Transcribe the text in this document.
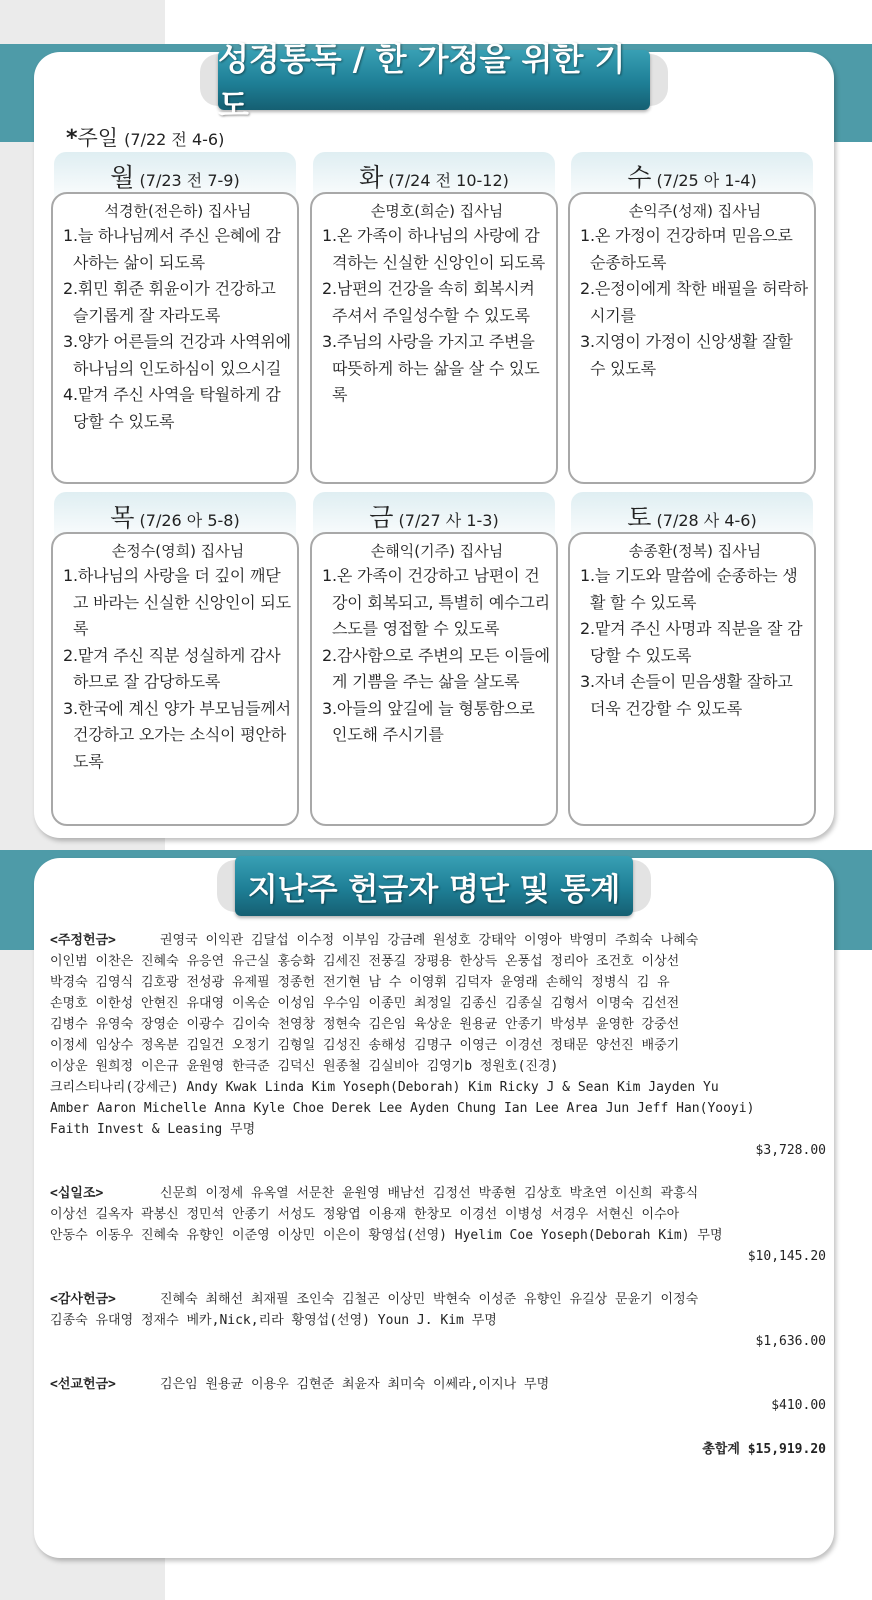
성경통독 / 한 가정을 위한 기도
*주일 (7/22 전 4-6)
월 (7/23 전 7-9)
석경한(전은하) 집사님
1.늘 하나님께서 주신 은혜에 감사하는 삶이 되도록
2.휘민 휘준 휘윤이가 건강하고 슬기롭게 잘 자라도록
3.양가 어른들의 건강과 사역위에 하나님의 인도하심이 있으시길
4.맡겨 주신 사역을 탁월하게 감당할 수 있도록
화 (7/24 전 10-12)
손명호(희순) 집사님
1.온 가족이 하나님의 사랑에 감격하는 신실한 신앙인이 되도록
2.남편의 건강을 속히 회복시켜 주셔서 주일성수할 수 있도록
3.주님의 사랑을 가지고 주변을 따뜻하게 하는 삶을 살 수 있도록
수 (7/25 아 1-4)
손익주(성재) 집사님
1.온 가정이 건강하며 믿음으로 순종하도록
2.은정이에게 착한 배필을 허락하시기를
3.지영이 가정이 신앙생활 잘할 수 있도록
목 (7/26 아 5-8)
손정수(영희) 집사님
1.하나님의 사랑을 더 깊이 깨닫고 바라는 신실한 신앙인이 되도록
2.맡겨 주신 직분 성실하게 감사하므로 잘 감당하도록
3.한국에 계신 양가 부모님들께서 건강하고 오가는 소식이 평안하도록
금 (7/27 사 1-3)
손해익(기주) 집사님
1.온 가족이 건강하고 남편이 건강이 회복되고, 특별히 예수그리스도를 영접할 수 있도록
2.감사함으로 주변의 모든 이들에게 기쁨을 주는 삶을 살도록
3.아들의 앞길에 늘 형통함으로 인도해 주시기를
토 (7/28 사 4-6)
송종환(정복) 집사님
1.늘 기도와 말씀에 순종하는 생활 할 수 있도록
2.맡겨 주신 사명과 직분을 잘 감당할 수 있도록
3.자녀 손들이 믿음생활 잘하고 더욱 건강할 수 있도록
지난주 헌금자 명단 및 통계
<주정헌금>	권영국 이익관 김달섭 이수정 이부임 강금례 원성호 강태악 이영아 박영미 주희숙 나혜숙
이인범 이찬은 진혜숙 유응연 유근실 홍승화 김세진 전풍길 장평용 한상득 온풍섭 정리아 조건호 이상선
박경숙 김영식 김호광 전성광 유제필 정종헌 전기현 남 수 이영휘 김덕자 윤영래 손해익 정병식 김 유
손명호 이한성 안현진 유대영 이옥순 이성임 우수임 이종민 최정일 김종신 김종실 김형서 이명숙 김선전
김병수 유영숙 장영순 이광수 김이숙 천영창 정현숙 김은임 육상운 원용균 안종기 박성부 윤영한 강중선
이정세 임상수 정옥분 김일건 오정기 김형일 김성진 송해성 김명구 이영근 이경선 정태문 양선진 배중기
이상운 원희정 이은규 윤원영 한극준 김덕신 원종철 김실비아 김영기b 정원호(진경)
크리스티나리(강세근) Andy Kwak Linda Kim Yoseph(Deborah) Kim Ricky J & Sean Kim Jayden Yu
Amber Aaron Michelle Anna Kyle Choe Derek Lee Ayden Chung Ian Lee Area Jun Jeff Han(Yooyi)
Faith Invest & Leasing 무명
$3,728.00
<십일조>	신문희 이정세 유옥열 서문찬 윤원영 배남선 김정선 박종현 김상호 박초연 이신희 곽흥식
이상선 길옥자 곽봉신 정민석 안종기 서성도 정왕엽 이용재 한창모 이경선 이병성 서경우 서현신 이수아
안동수 이동우 진혜숙 유향인 이준영 이상민 이은이 황영섭(선영) Hyelim Coe Yoseph(Deborah Kim) 무명
$10,145.20
<감사헌금>	진혜숙 최해선 최재필 조인숙 김철곤 이상민 박현숙 이성준 유향인 유길상 문윤기 이정숙
김종숙 유대영 정재수 베카,Nick,리라 황영섭(선영) Youn J. Kim 무명
$1,636.00
<선교헌금>	김은임 원용균 이용우 김현준 최윤자 최미숙 이쎄라,이지나 무명
$410.00
총합계 $15,919.20
